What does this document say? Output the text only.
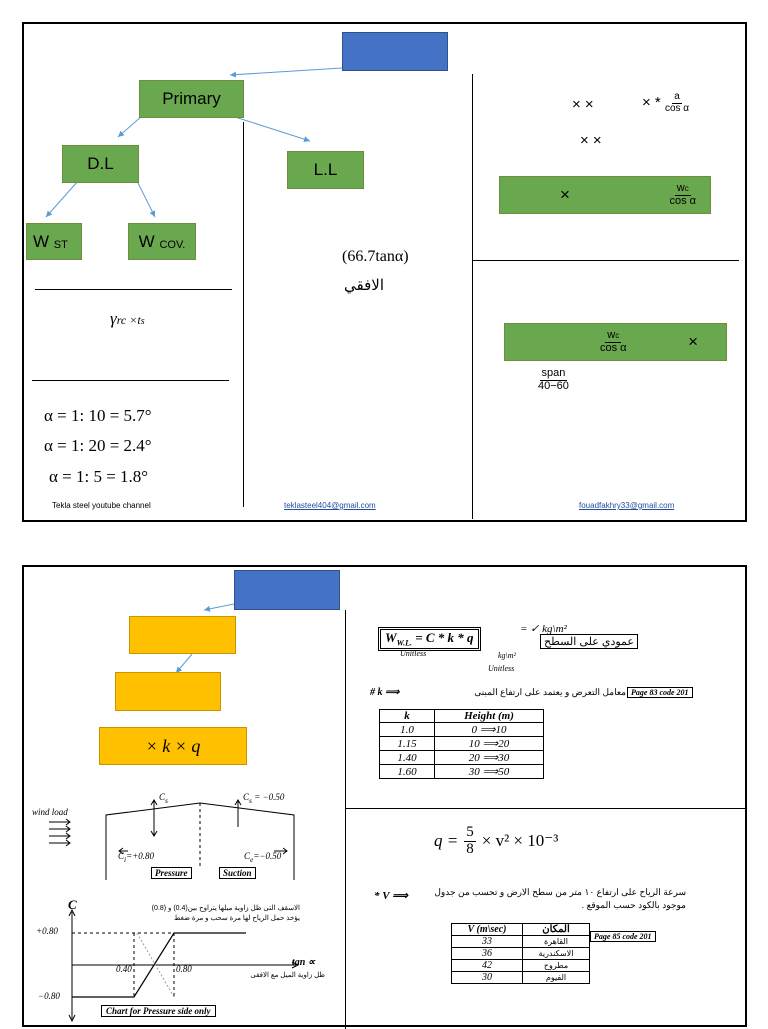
Primary
D.L	L.L
W
ST	W
COV.
γrc ×ts
α = 1: 10 = 5.7°
α = 1: 20 = 2.4°
α = 1: 5 = 1.8°
Tekla steel youtube channel	teklasteel404@gmail.com	fouadfakhry33@gmail.com
(66.7tanα)
الافقي
× ×	× * $\frac{a}{\text{cos α}}$
× ×
×	$\frac{wc}{\text{cos α}}$
$\frac{wc}{\text{cos α}}$	×
$\frac{\text{span}}{40-60}$
× k × q
wind load
$C_s$	$C_s = -0.50$
$C_i=+0.80$	$C_e=-0.50$
Pressure	Suction
الاسقف التى ظل زاوية ميلها يتراوح بين(0.4) و (0.8)
يؤخذ حمل الرياح لها مرة سحب و مرة ضغط
C
+0.80
−0.80
0.40	0.80
tan ∝
ظل زاوية الميل مع الافقى
Chart for Pressure side only
$W_{W.L.} = C * k * q$
= ✓ kg\m²
عمودي على السطح
Unitless	kg\m²
Unitless
# k ⟹	معامل التعرض و يعتمد على ارتفاع المبنى Page 83 code 201
k	Height (m)
1.0	0 ⟹10
1.15	10 ⟹20
1.40	20 ⟹30
1.60	30 ⟹50
$q = \frac{5}{8} \times v^2 \times 10^{-3}$
* V ⟹	سرعة الرياح على ارتفاع ١٠ متر من سطح الارض و تحسب من جدول
موجود بالكود حسب الموقع .
V (m\sec)	المكان
33	القاهرة
36	الاسكندرية
42	مطروح
30	الفيوم
Page 85 code 201
